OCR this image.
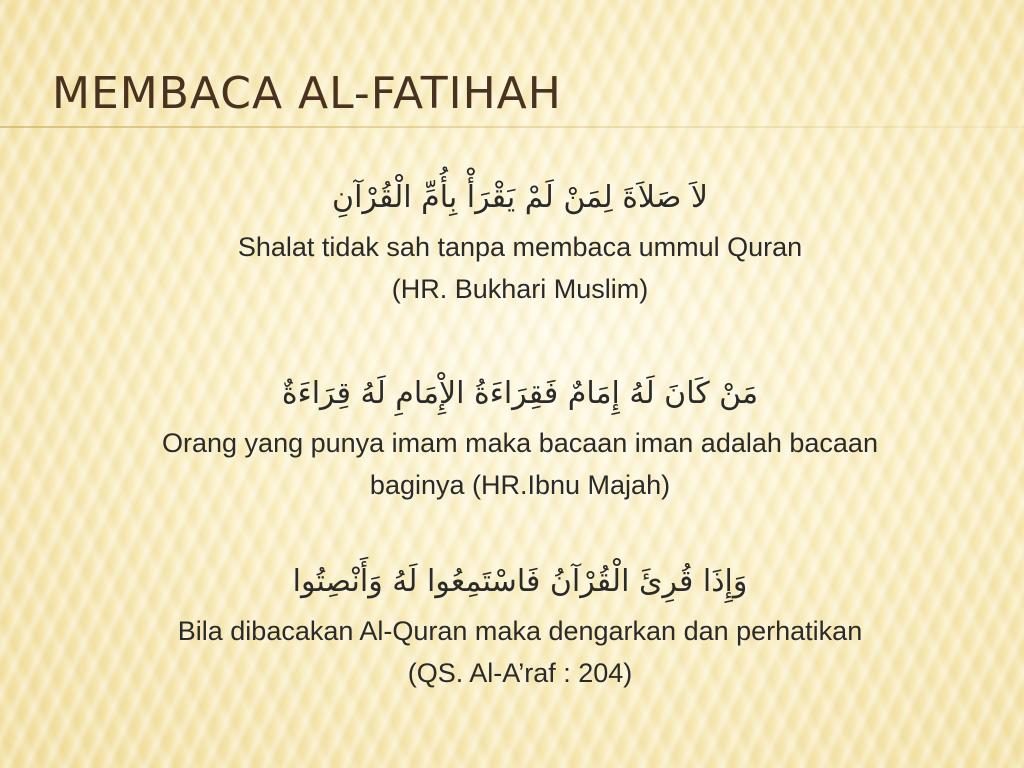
MEMBACA AL-FATIHAH

لاَ صَلاَةَ لِمَنْ لَمْ يَقْرَأْ بِأُمِّ الْقُرْآنِ

Shalat tidak sah tanpa membaca ummul Quran

(HR. Bukhari Muslim)

مَنْ كَانَ لَهُ إِمَامٌ فَقِرَاءَةُ الإِْمَامِ لَهُ قِرَاءَةٌ

Orang yang punya imam maka bacaan iman adalah bacaan

baginya (HR.Ibnu Majah)

وَإِذَا قُرِئَ الْقُرْآنُ فَاسْتَمِعُوا لَهُ وَأَنْصِتُوا

Bila dibacakan Al-Quran maka dengarkan dan perhatikan

(QS. Al-A’raf : 204)
